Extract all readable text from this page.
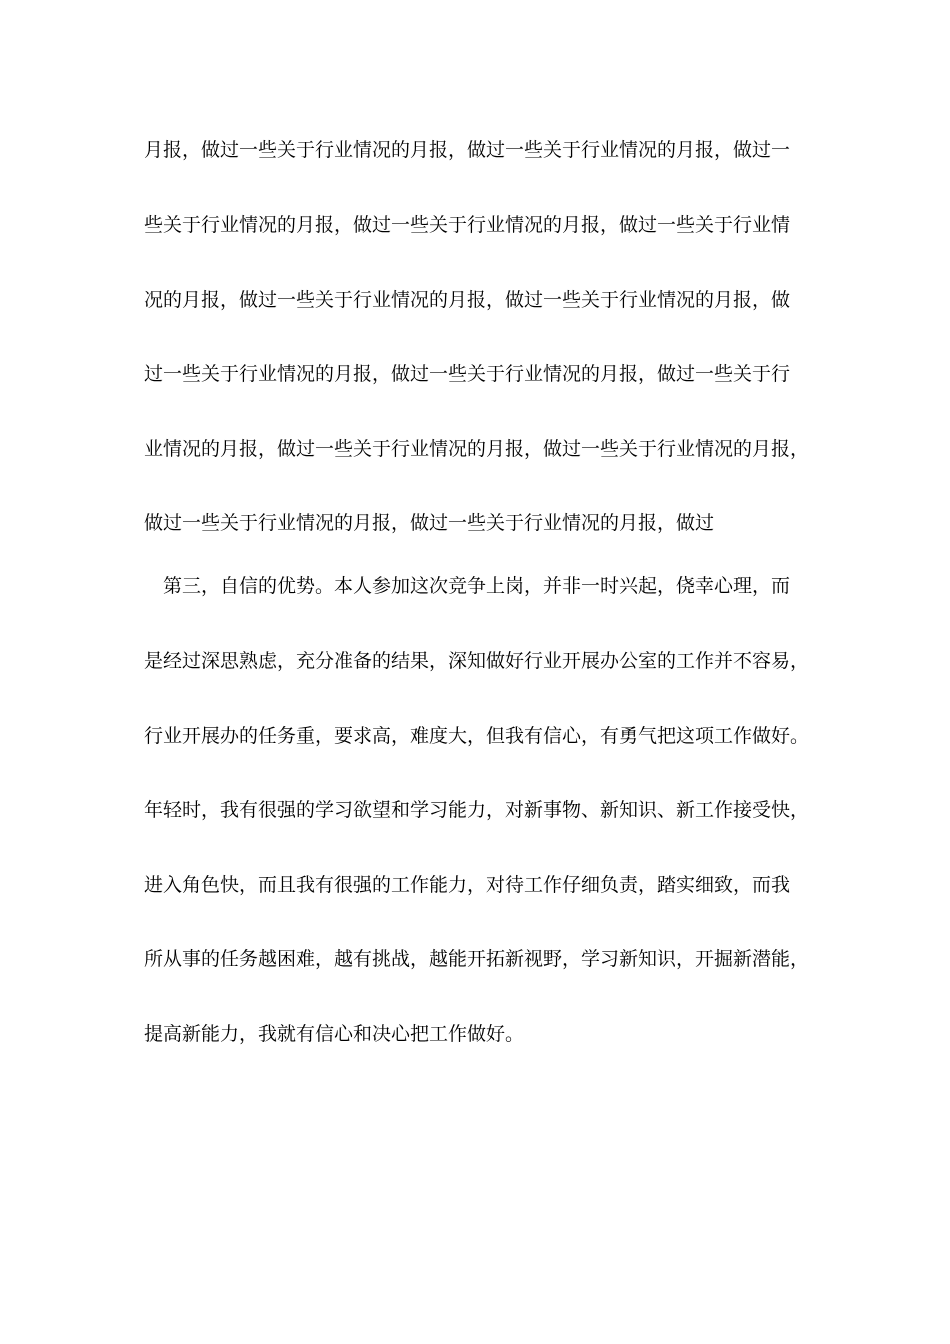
月报，做过一些关于行业情况的月报，做过一些关于行业情况的月报，做过一
些关于行业情况的月报，做过一些关于行业情况的月报，做过一些关于行业情
况的月报，做过一些关于行业情况的月报，做过一些关于行业情况的月报，做
过一些关于行业情况的月报，做过一些关于行业情况的月报，做过一些关于行
业情况的月报，做过一些关于行业情况的月报，做过一些关于行业情况的月报，
做过一些关于行业情况的月报，做过一些关于行业情况的月报，做过
第三，自信的优势。本人参加这次竞争上岗，并非一时兴起，侥幸心理，而
是经过深思熟虑，充分准备的结果，深知做好行业开展办公室的工作并不容易，
行业开展办的任务重，要求高，难度大，但我有信心，有勇气把这项工作做好。
年轻时，我有很强的学习欲望和学习能力，对新事物、新知识、新工作接受快，
进入角色快，而且我有很强的工作能力，对待工作仔细负责，踏实细致，而我
所从事的任务越困难，越有挑战，越能开拓新视野，学习新知识，开掘新潜能，
提高新能力，我就有信心和决心把工作做好。
